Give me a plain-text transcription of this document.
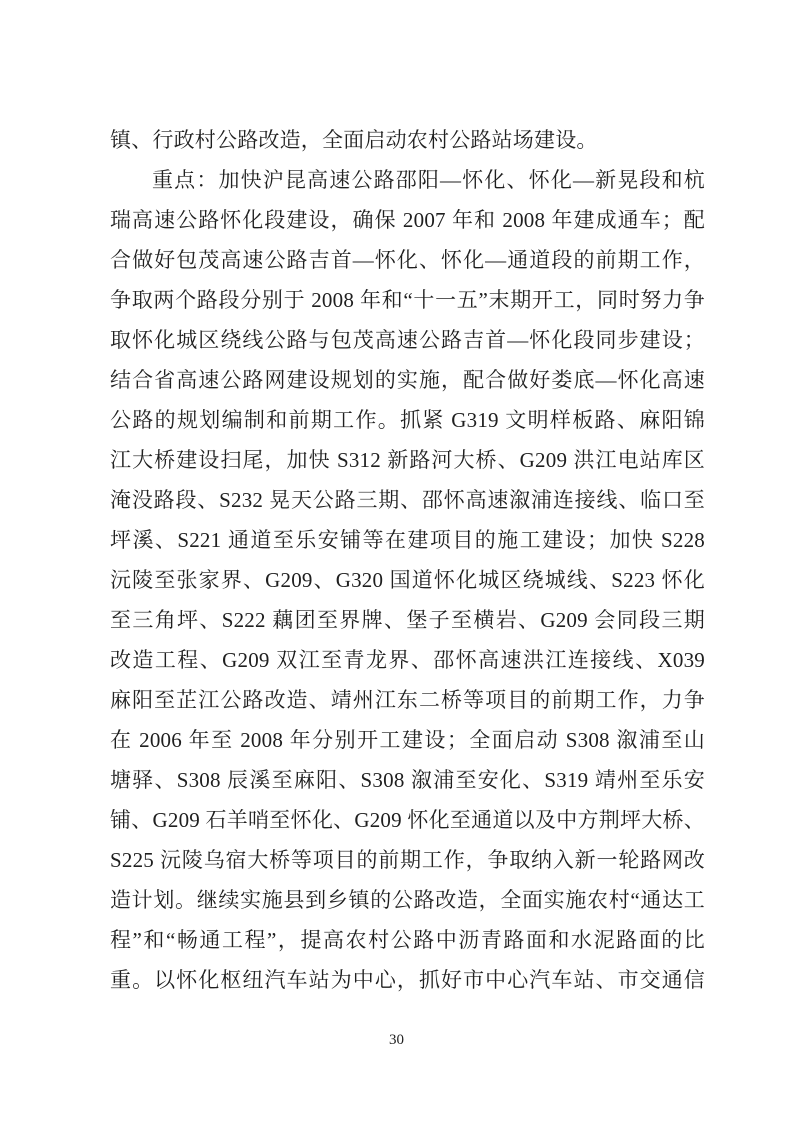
镇、行政村公路改造，全面启动农村公路站场建设。
重点：加快沪昆高速公路邵阳—怀化、怀化—新晃段和杭
瑞高速公路怀化段建设，确保 2007 年和 2008 年建成通车；配
合做好包茂高速公路吉首—怀化、怀化—通道段的前期工作，
争取两个路段分别于 2008 年和“十一五”末期开工，同时努力争
取怀化城区绕线公路与包茂高速公路吉首—怀化段同步建设；
结合省高速公路网建设规划的实施，配合做好娄底—怀化高速
公路的规划编制和前期工作。抓紧 G319 文明样板路、麻阳锦
江大桥建设扫尾，加快 S312 新路河大桥、G209 洪江电站库区
淹没路段、S232 晃天公路三期、邵怀高速溆浦连接线、临口至
坪溪、S221 通道至乐安铺等在建项目的施工建设；加快 S228
沅陵至张家界、G209、G320 国道怀化城区绕城线、S223 怀化
至三角坪、S222 藕团至界牌、堡子至横岩、G209 会同段三期
改造工程、G209 双江至青龙界、邵怀高速洪江连接线、X039
麻阳至芷江公路改造、靖州江东二桥等项目的前期工作，力争
在 2006 年至 2008 年分别开工建设；全面启动 S308 溆浦至山
塘驿、S308 辰溪至麻阳、S308 溆浦至安化、S319 靖州至乐安
铺、G209 石羊哨至怀化、G209 怀化至通道以及中方荆坪大桥、
S225 沅陵乌宿大桥等项目的前期工作，争取纳入新一轮路网改
造计划。继续实施县到乡镇的公路改造，全面实施农村“通达工
程”和“畅通工程”，提高农村公路中沥青路面和水泥路面的比
重。以怀化枢纽汽车站为中心，抓好市中心汽车站、市交通信
30
